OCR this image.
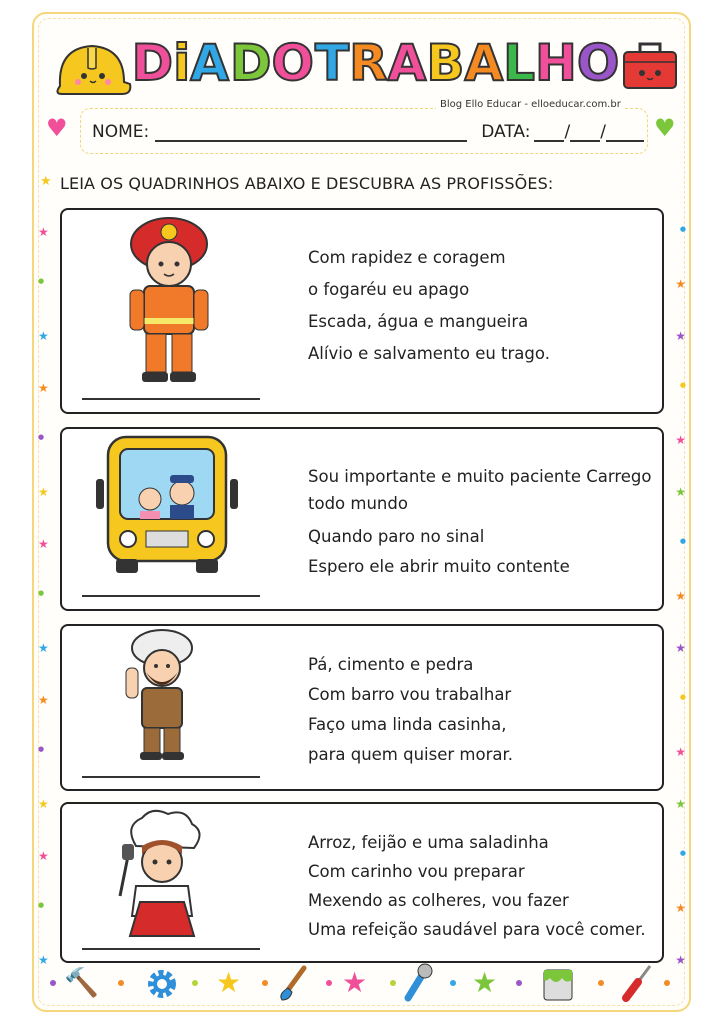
D i A D O T R A B A L H O
Blog Ello Educar - elloeducar.com.br
♥	♥
NOME:	DATA: / /
★ LEIA OS QUADRINHOS ABAIXO E DESCUBRA AS PROFISSÕES:
Com rapidez e coragem
o fogaréu eu apago
Escada, água e mangueira
Alívio e salvamento eu trago.
Sou importante e muito paciente Carrego
todo mundo
Quando paro no sinal
Espero ele abrir muito contente
Pá, cimento e pedra
Com barro vou trabalhar
Faço uma linda casinha,
para quem quiser morar.
Arroz, feijão e uma saladinha
Com carinho vou preparar
Mexendo as colheres, vou fazer
Uma refeição saudável para você comer.
★	●
●	★
★	★
★	●
●	★
★	★
★	●
●	★
★	★
★	●
●	★
★	★
★	●
●	★
★	★
🔨	★	★	★
